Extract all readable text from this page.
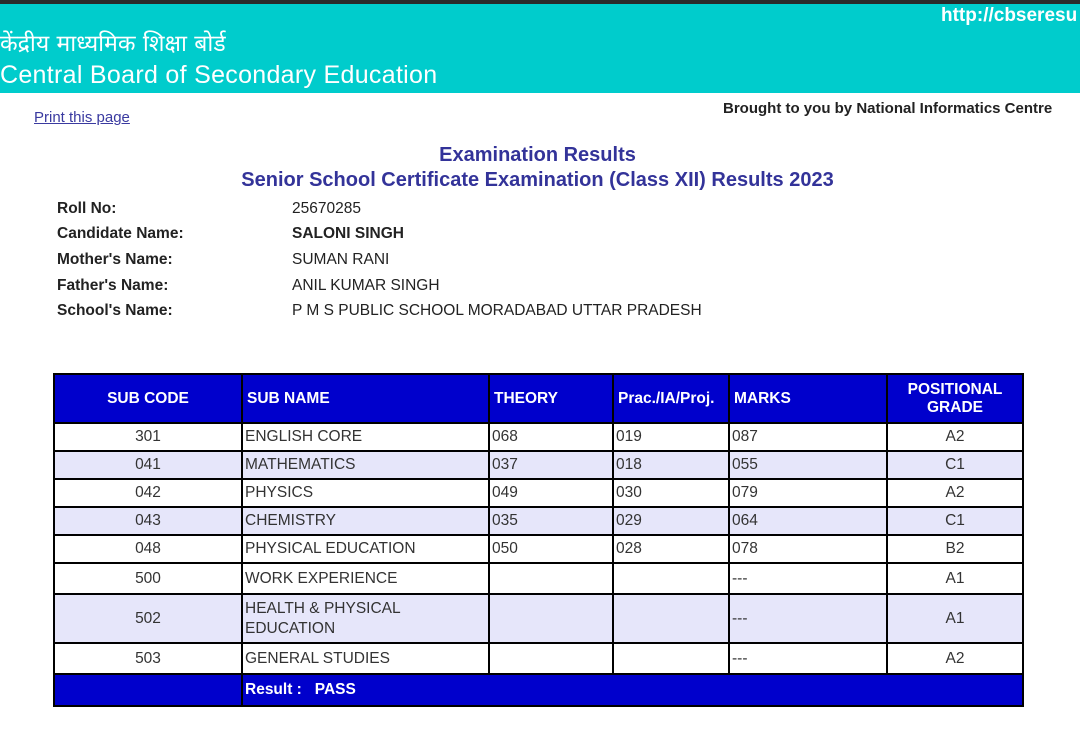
केंद्रीय माध्यमिक शिक्षा बोर्ड
Central Board of Secondary Education
http://cbseresu
Print this page
Brought to you by National Informatics Centre
Examination Results
Senior School Certificate Examination (Class XII) Results 2023
Roll No:	25670285
Candidate Name:	SALONI SINGH
Mother's Name:	SUMAN RANI
Father's Name:	ANIL KUMAR SINGH
School's Name:	P M S PUBLIC SCHOOL MORADABAD UTTAR PRADESH
SUB CODE	SUB NAME	THEORY	Prac./IA/Proj.	MARKS	POSITIONAL
GRADE
301	ENGLISH CORE	068	019	087	A2
041	MATHEMATICS	037	018	055	C1
042	PHYSICS	049	030	079	A2
043	CHEMISTRY	035	029	064	C1
048	PHYSICAL EDUCATION	050	028	078	B2
500	WORK EXPERIENCE			---	A1
502	HEALTH & PHYSICAL EDUCATION			---	A1
503	GENERAL STUDIES			---	A2
	Result : PASS				
